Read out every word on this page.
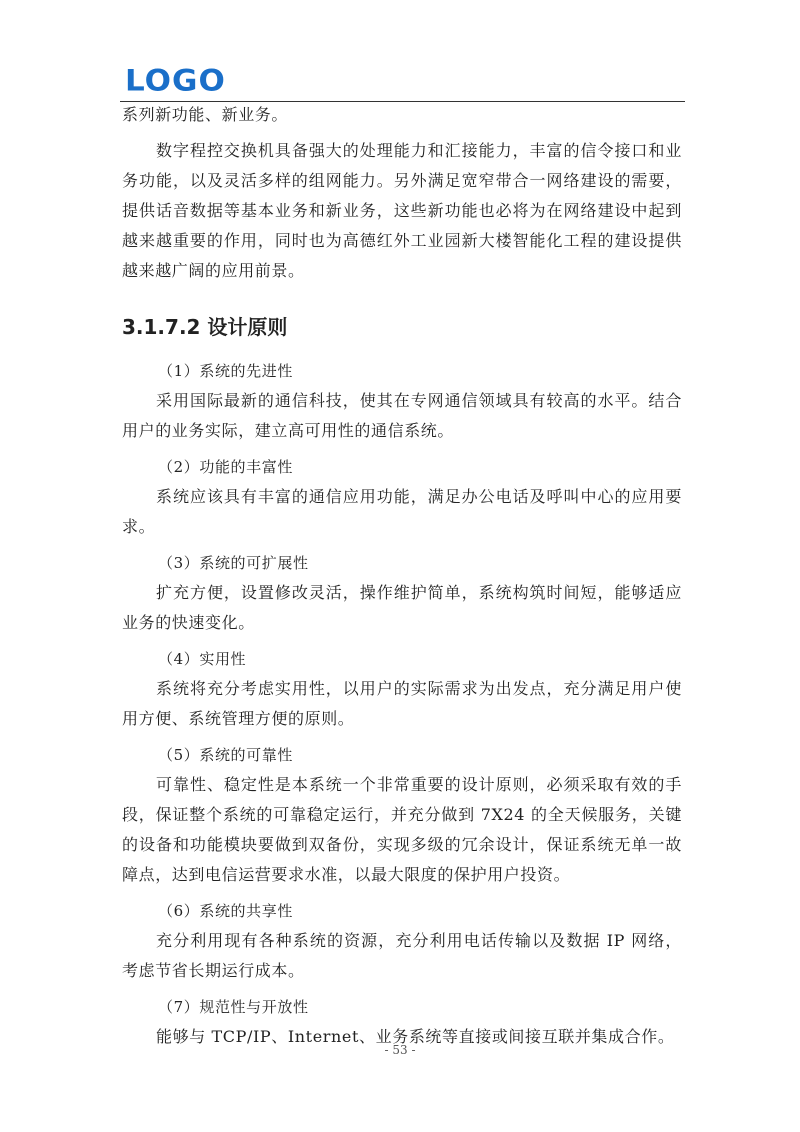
LOGO

系列新功能、新业务。

数字程控交换机具备强大的处理能力和汇接能力，丰富的信令接口和业务功能，以及灵活多样的组网能力。另外满足宽窄带合一网络建设的需要，提供话音数据等基本业务和新业务，这些新功能也必将为在网络建设中起到越来越重要的作用，同时也为高德红外工业园新大楼智能化工程的建设提供越来越广阔的应用前景。

3.1.7.2 设计原则

（1）系统的先进性

采用国际最新的通信科技，使其在专网通信领域具有较高的水平。结合用户的业务实际，建立高可用性的通信系统。

（2）功能的丰富性

系统应该具有丰富的通信应用功能，满足办公电话及呼叫中心的应用要求。

（3）系统的可扩展性

扩充方便，设置修改灵活，操作维护简单，系统构筑时间短，能够适应业务的快速变化。

（4）实用性

系统将充分考虑实用性，以用户的实际需求为出发点，充分满足用户使用方便、系统管理方便的原则。

（5）系统的可靠性

可靠性、稳定性是本系统一个非常重要的设计原则，必须采取有效的手段，保证整个系统的可靠稳定运行，并充分做到 7X24 的全天候服务，关键的设备和功能模块要做到双备份，实现多级的冗余设计，保证系统无单一故障点，达到电信运营要求水准，以最大限度的保护用户投资。

（6）系统的共享性

充分利用现有各种系统的资源，充分利用电话传输以及数据 IP 网络，考虑节省长期运行成本。

（7）规范性与开放性

能够与 TCP/IP、Internet、业务系统等直接或间接互联并集成合作。

- 53 -
